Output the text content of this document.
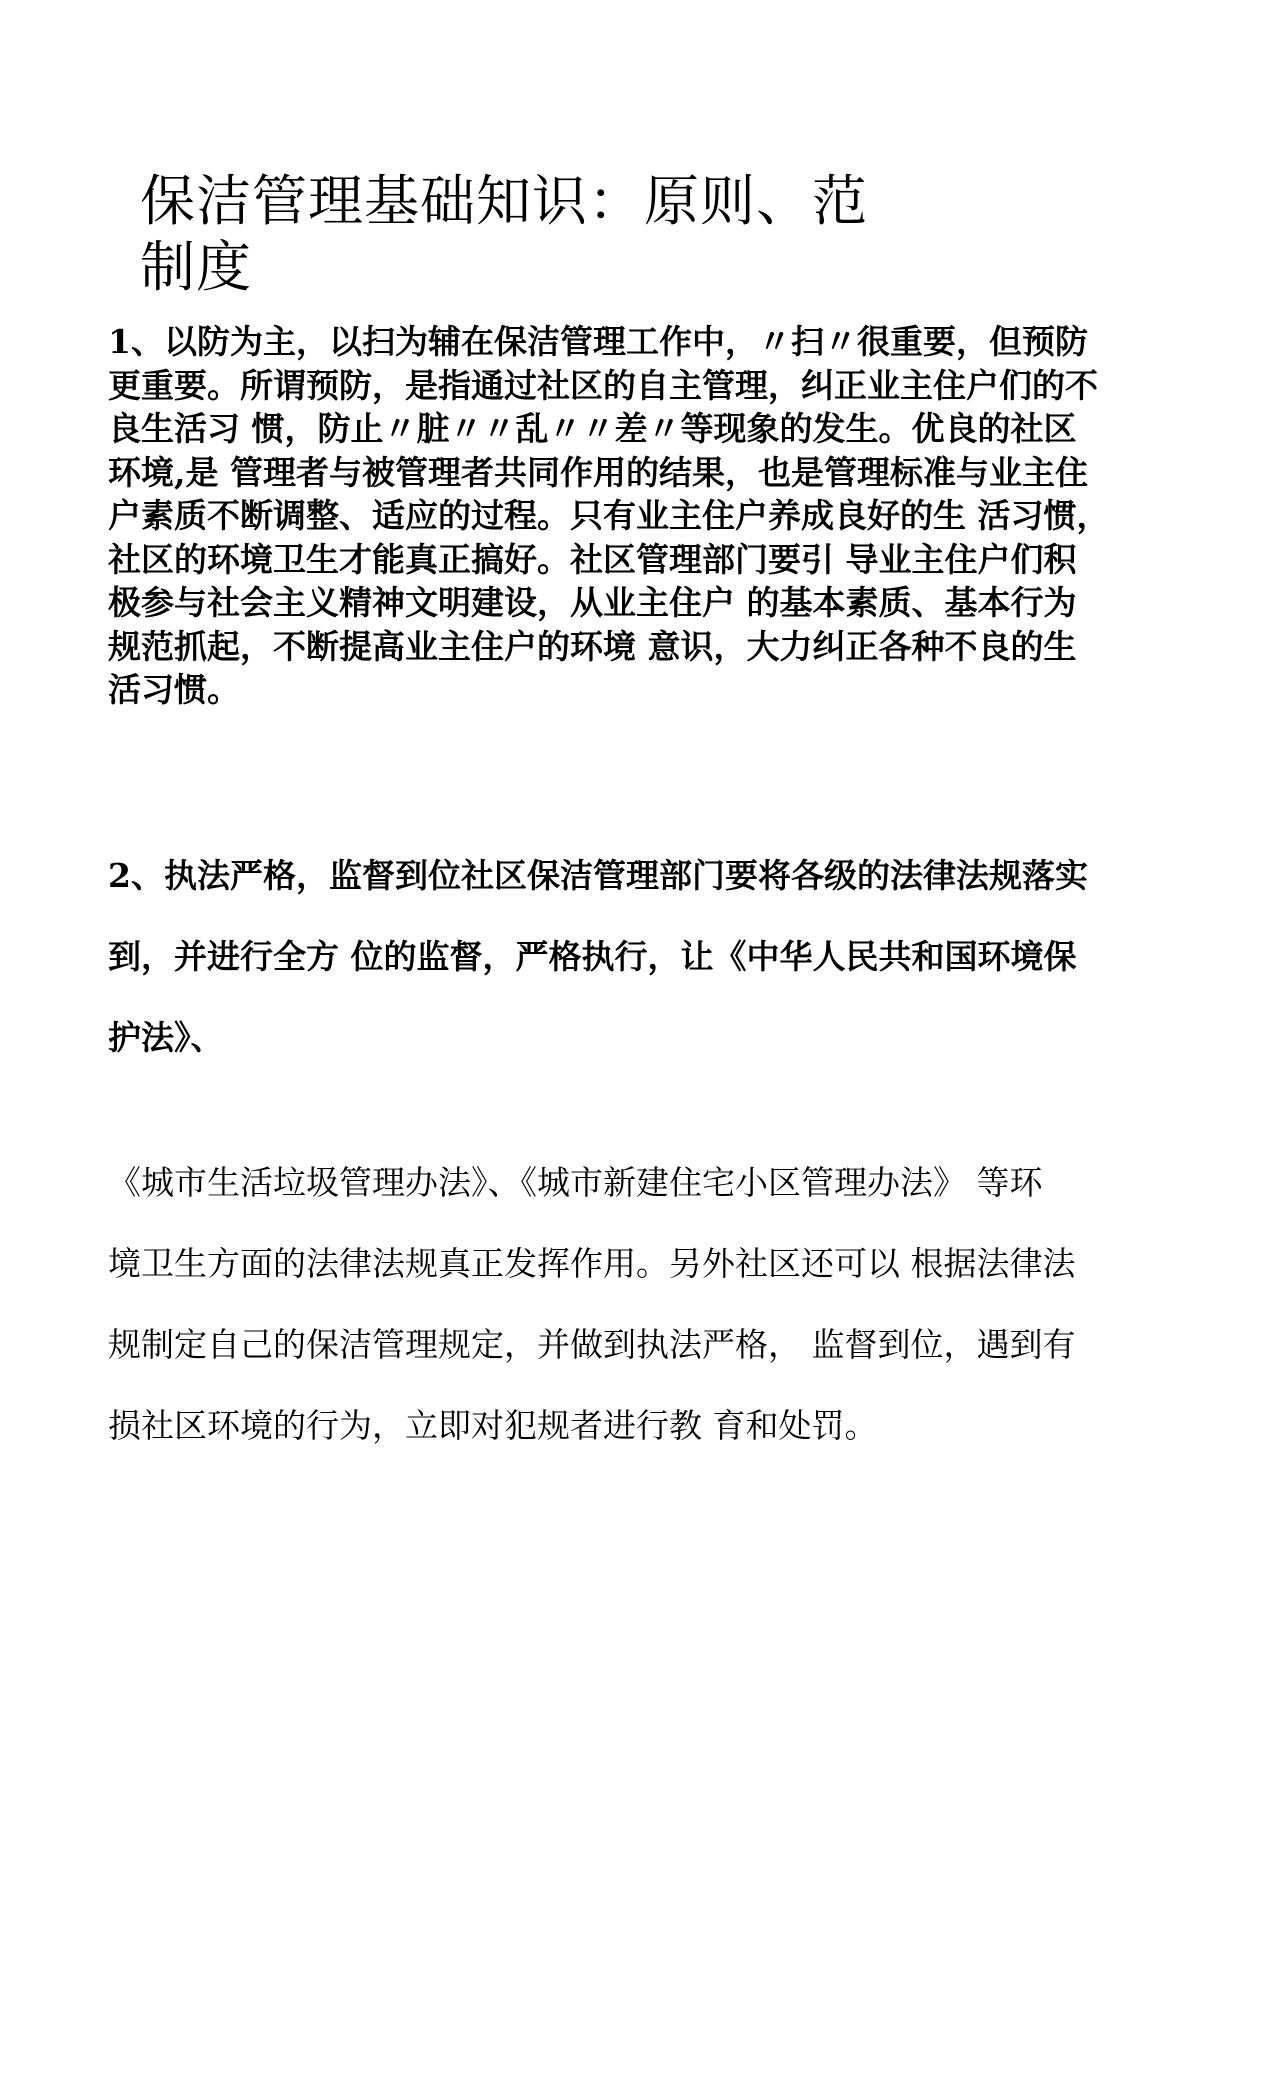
保洁管理基础知识：原则、范
制度

1、以防为主，以扫为辅在保洁管理工作中，〃扫〃很重要，但预防
更重要。所谓预防，是指通过社区的自主管理，纠正业主住户们的不
良生活习 惯，防止〃脏〃〃乱〃〃差〃等现象的发生。优良的社区
环境,是 管理者与被管理者共同作用的结果，也是管理标准与业主住
户素质不断调整、适应的过程。只有业主住户养成良好的生 活习惯，
社区的环境卫生才能真正搞好。社区管理部门要引 导业主住户们积
极参与社会主义精神文明建设，从业主住户 的基本素质、基本行为
规范抓起，不断提高业主住户的环境 意识，大力纠正各种不良的生
活习惯。

2、执法严格，监督到位社区保洁管理部门要将各级的法律法规落实
到，并进行全方 位的监督，严格执行，让《中华人民共和国环境保
护法》、

《城市生活垃圾管理办法》、《城市新建住宅小区管理办法》 等环
境卫生方面的法律法规真正发挥作用。另外社区还可以 根据法律法
规制定自己的保洁管理规定，并做到执法严格， 监督到位，遇到有
损社区环境的行为，立即对犯规者进行教 育和处罚。
